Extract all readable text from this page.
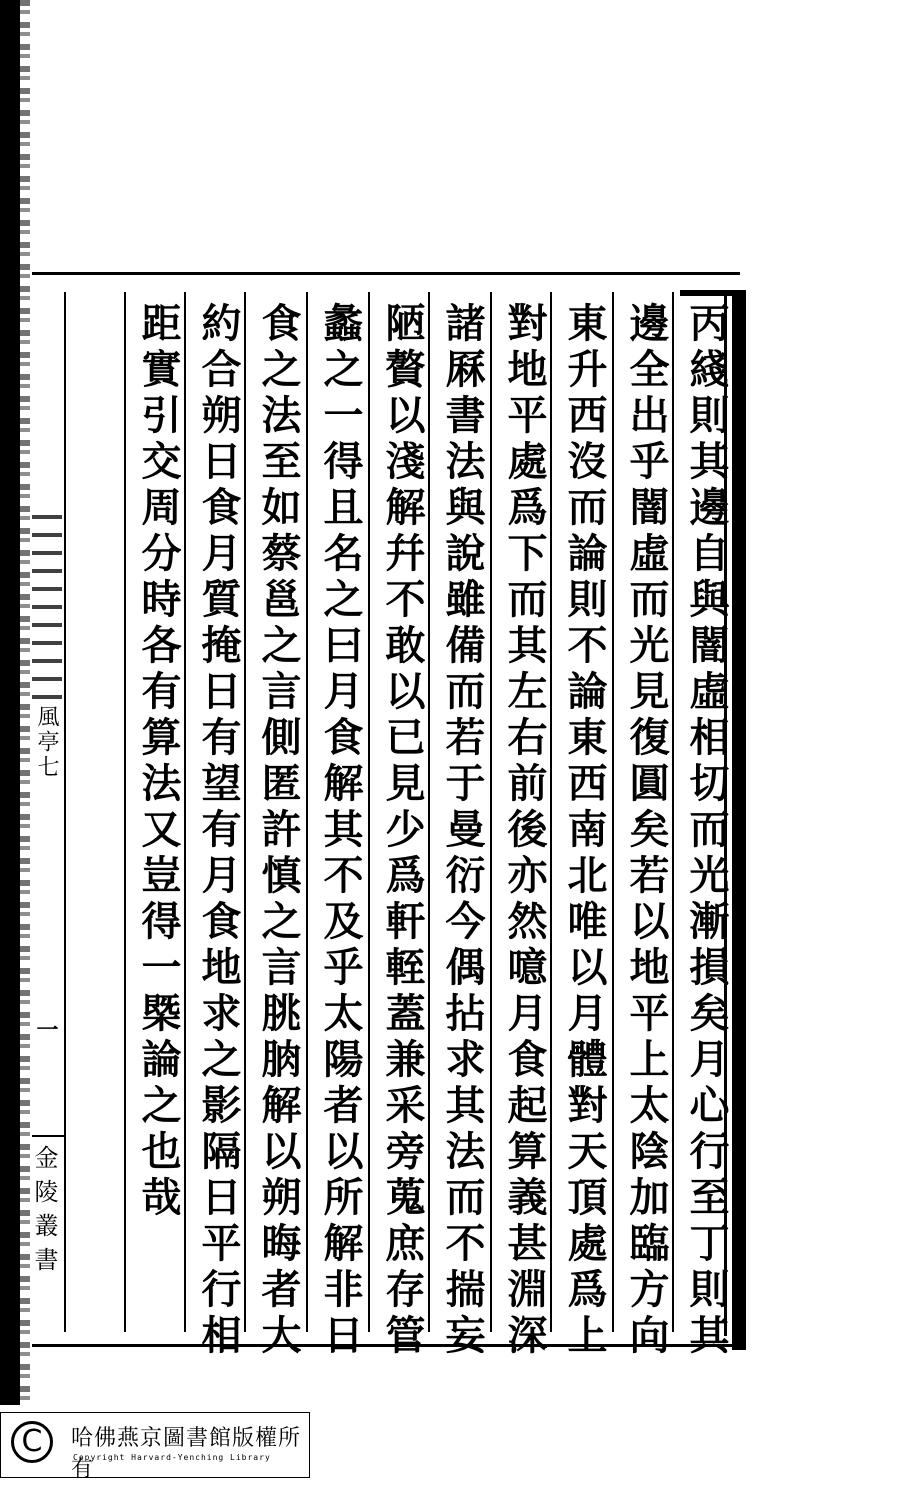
丙綫則其邊自與闇虛相切而光漸損矣月心行至丁則其
邊全出乎闇虛而光見復圓矣若以地平上太陰加臨方向
東升西沒而論則不論東西南北唯以月體對天頂處爲上
對地平處爲下而其左右前後亦然噫月食起算義甚淵深
諸厤書法與說雖備而若于曼衍今偶拈求其法而不揣妄
陋贅以淺解幷不敢以已見少爲軒輊蓋兼采旁蒐庶存管
蠡之一得且名之曰月食解其不及乎太陽者以所解非日
食之法至如蔡邕之言側匿許慎之言朓朒解以朔晦者大
約合朔日食月質掩日有望有月食地求之影隔日平行相
距實引交周分時各有算法又豈得一槩論之也哉
風亭七
一
金陵叢書
C	哈佛燕京圖書館版權所有
Copyright Harvard-Yenching Library
